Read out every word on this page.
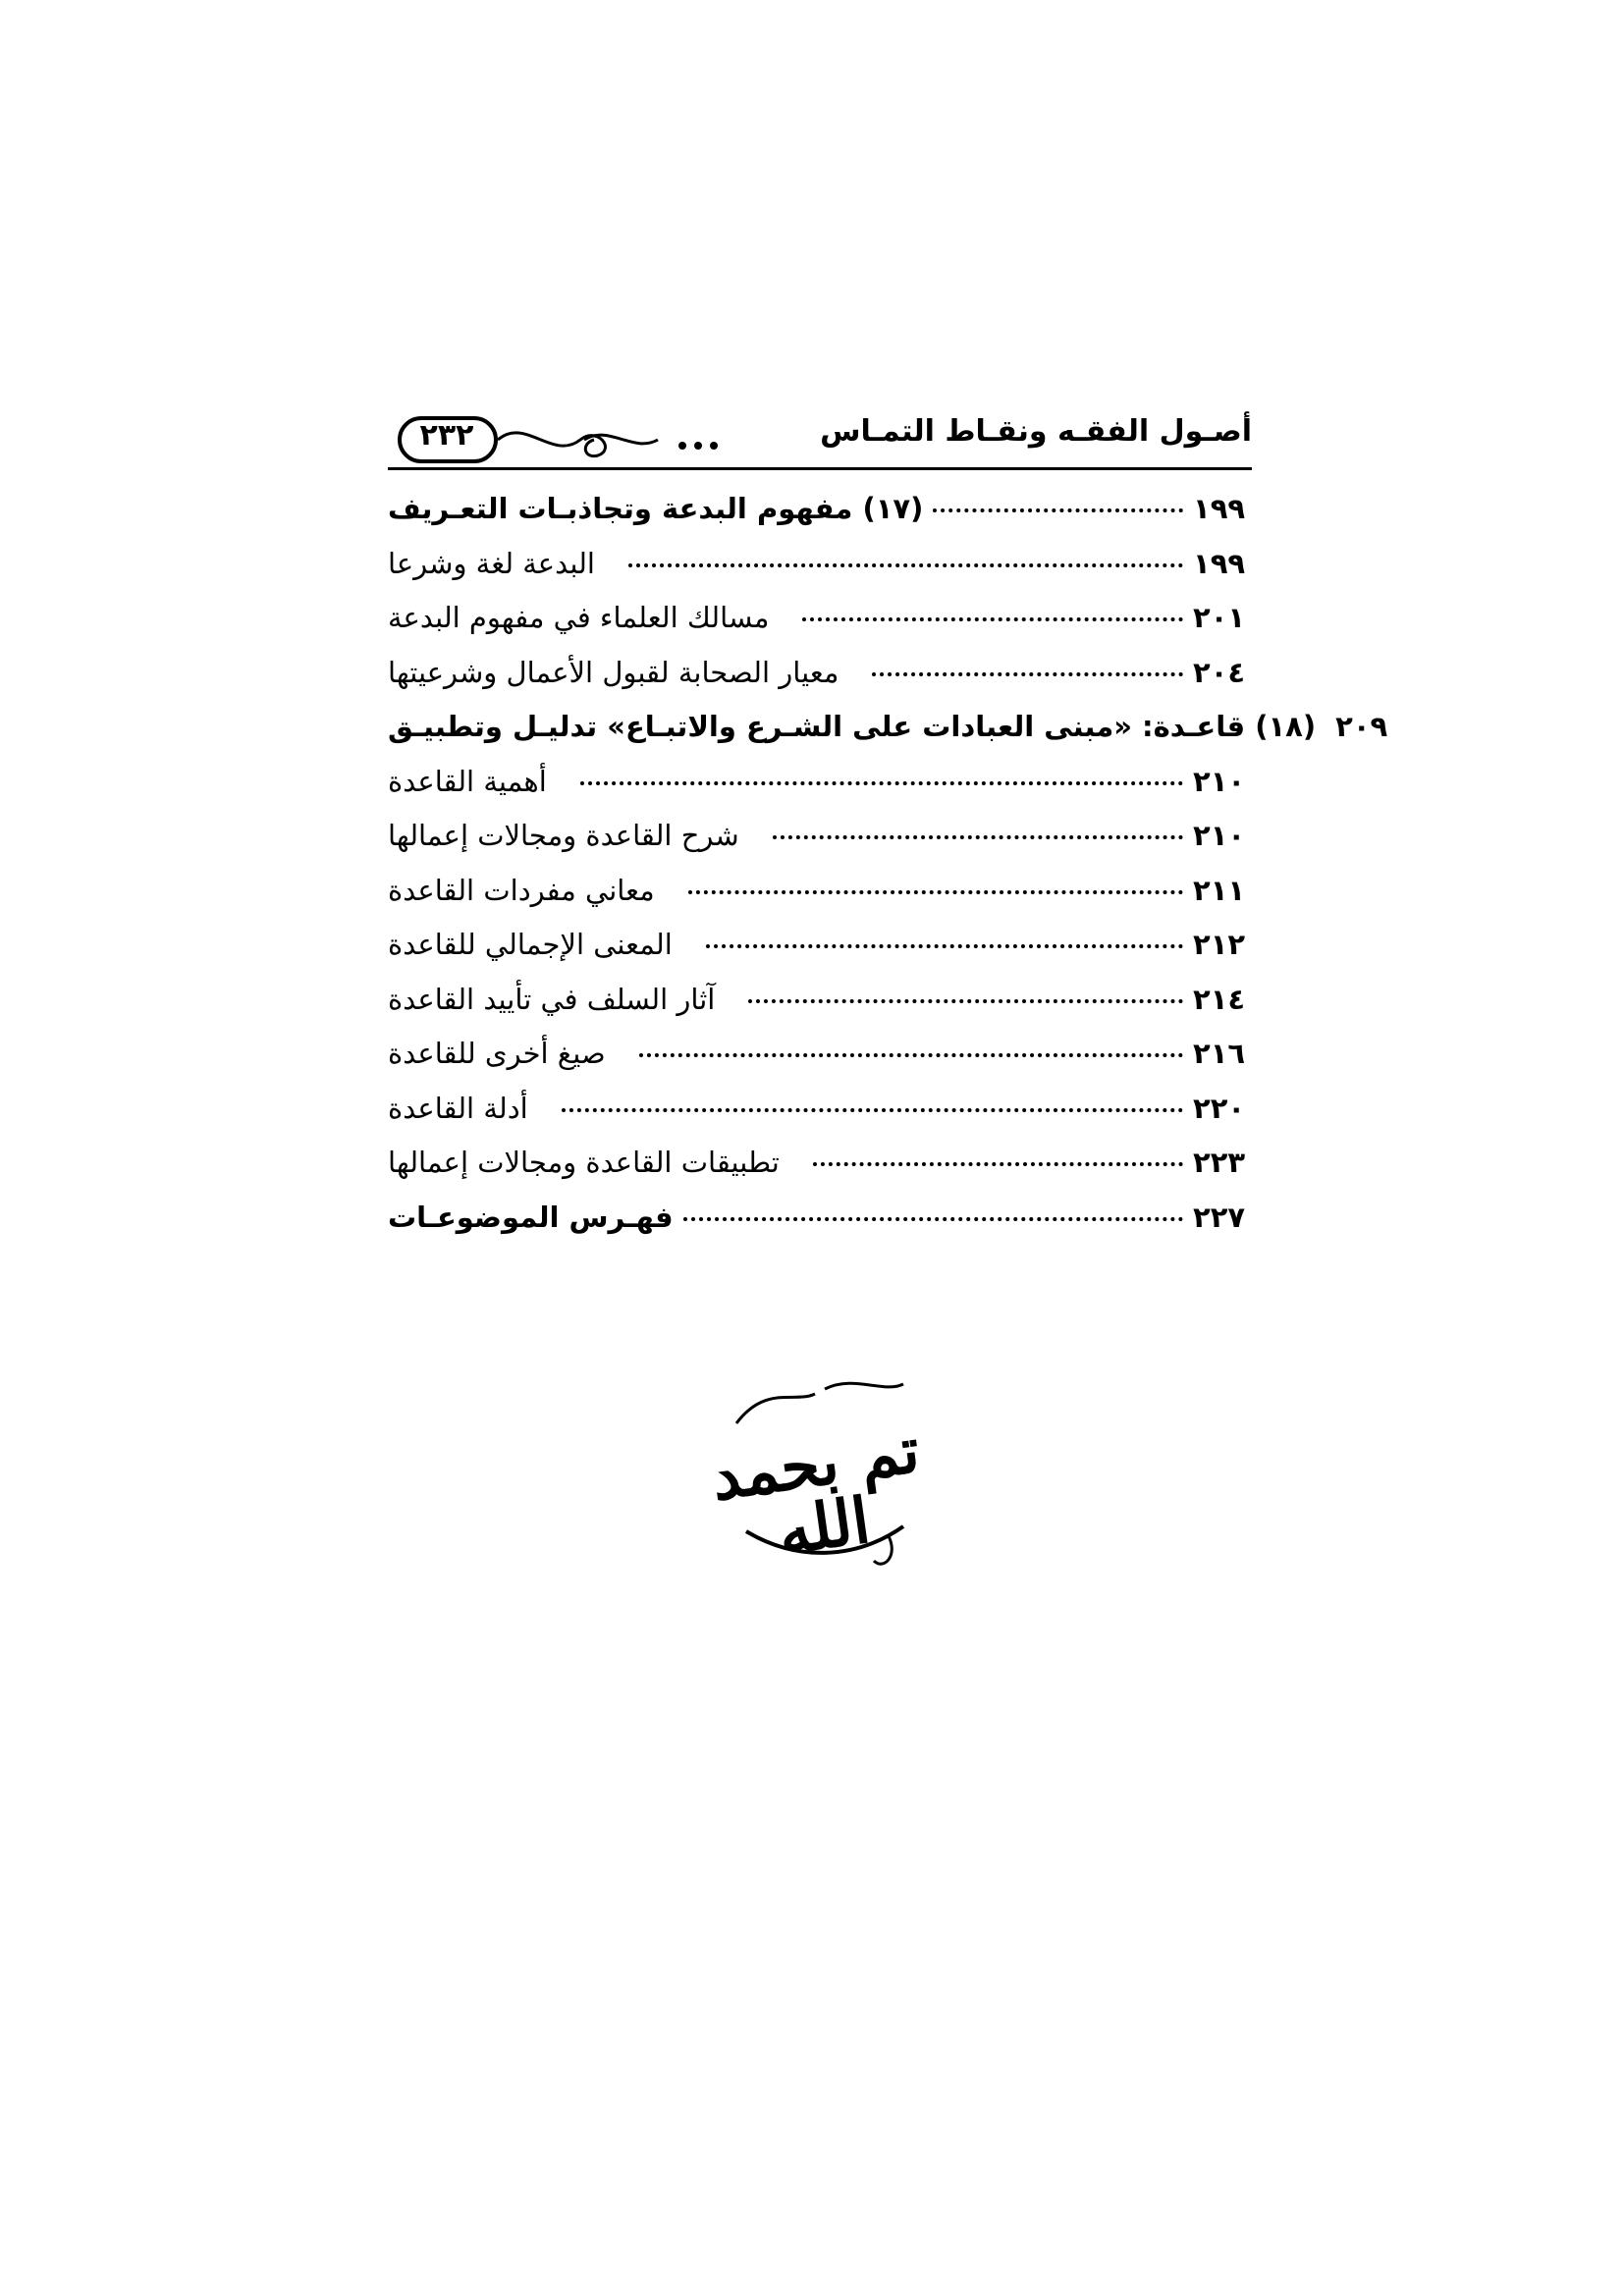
٢٣٢	أصـول الفقـه ونقـاط التمـاس
(١٧) مفهوم البدعة وتجاذبـات التعـريف	١٩٩
البدعة لغة وشرعا	١٩٩
مسالك العلماء في مفهوم البدعة	٢٠١
معيار الصحابة لقبول الأعمال وشرعيتها	٢٠٤
(١٨) قاعـدة: «مبنى العبادات على الشـرع والاتبـاع» تدليـل وتطبيـق ٢٠٩
أهمية القاعدة	٢١٠
شرح القاعدة ومجالات إعمالها	٢١٠
معاني مفردات القاعدة	٢١١
المعنى الإجمالي للقاعدة	٢١٢
آثار السلف في تأييد القاعدة	٢١٤
صيغ أخرى للقاعدة	٢١٦
أدلة القاعدة	٢٢٠
تطبيقات القاعدة ومجالات إعمالها	٢٢٣
فهـرس الموضوعـات	٢٢٧
تم بحمد الله
